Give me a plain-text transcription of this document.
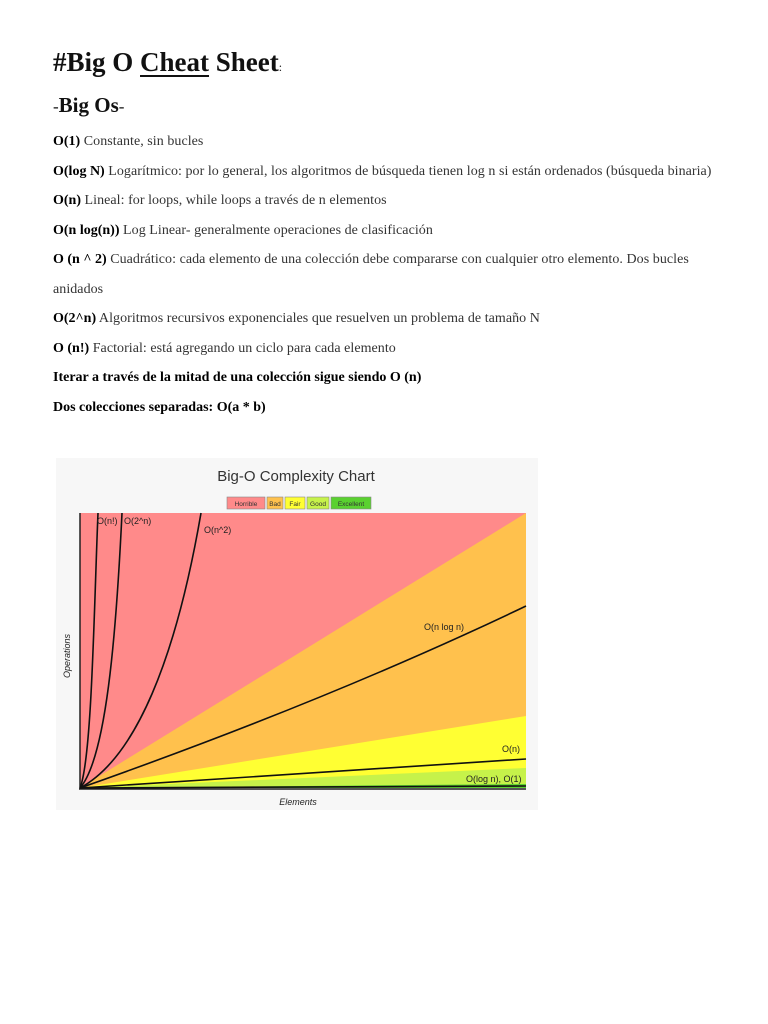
#Big O Cheat Sheet:
-Big Os-

O(1) Constante, sin bucles

O(log N) Logarítmico: por lo general, los algoritmos de búsqueda tienen log n si están ordenados (búsqueda binaria)

O(n) Lineal: for loops, while loops a través de n elementos

O(n log(n)) Log Linear- generalmente operaciones de clasificación

O (n ^ 2) Cuadrático: cada elemento de una colección debe compararse con cualquier otro elemento. Dos bucles anidados

O(2^n) Algoritmos recursivos exponenciales que resuelven un problema de tamaño N

O (n!) Factorial: está agregando un ciclo para cada elemento

Iterar a través de la mitad de una colección sigue siendo O (n)

Dos colecciones separadas: O(a * b)

Big-O Complexity Chart
Horrible Bad Fair Good Excellent
O(n!) O(2^n)
O(n^2)
O(n log n)
O(n)
O(log n), O(1)
Operations
Elements
